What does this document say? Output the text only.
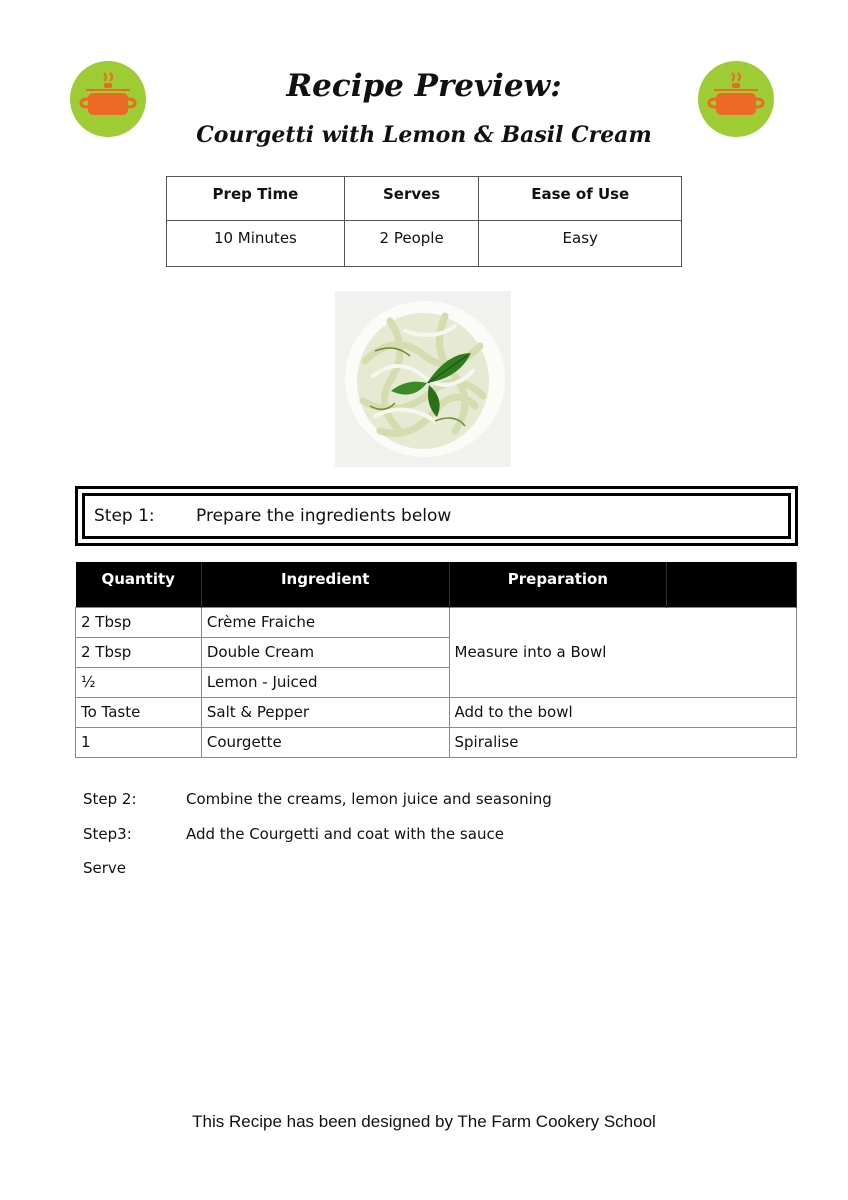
Recipe Preview:
Courgetti with Lemon & Basil Cream
Prep Time	Serves	Ease of Use
10 Minutes	2 People	Easy
Step 1: Prepare the ingredients below
Quantity	Ingredient	Preparation	
2 Tbsp	Crème Fraiche	Measure into a Bowl	
2 Tbsp	Double Cream		
½	Lemon - Juiced		
To Taste	Salt & Pepper	Add to the bowl	
1	Courgette	Spiralise	
Step 2:	Combine the creams, lemon juice and seasoning
Step3:	Add the Courgetti and coat with the sauce
Serve
This Recipe has been designed by The Farm Cookery School
